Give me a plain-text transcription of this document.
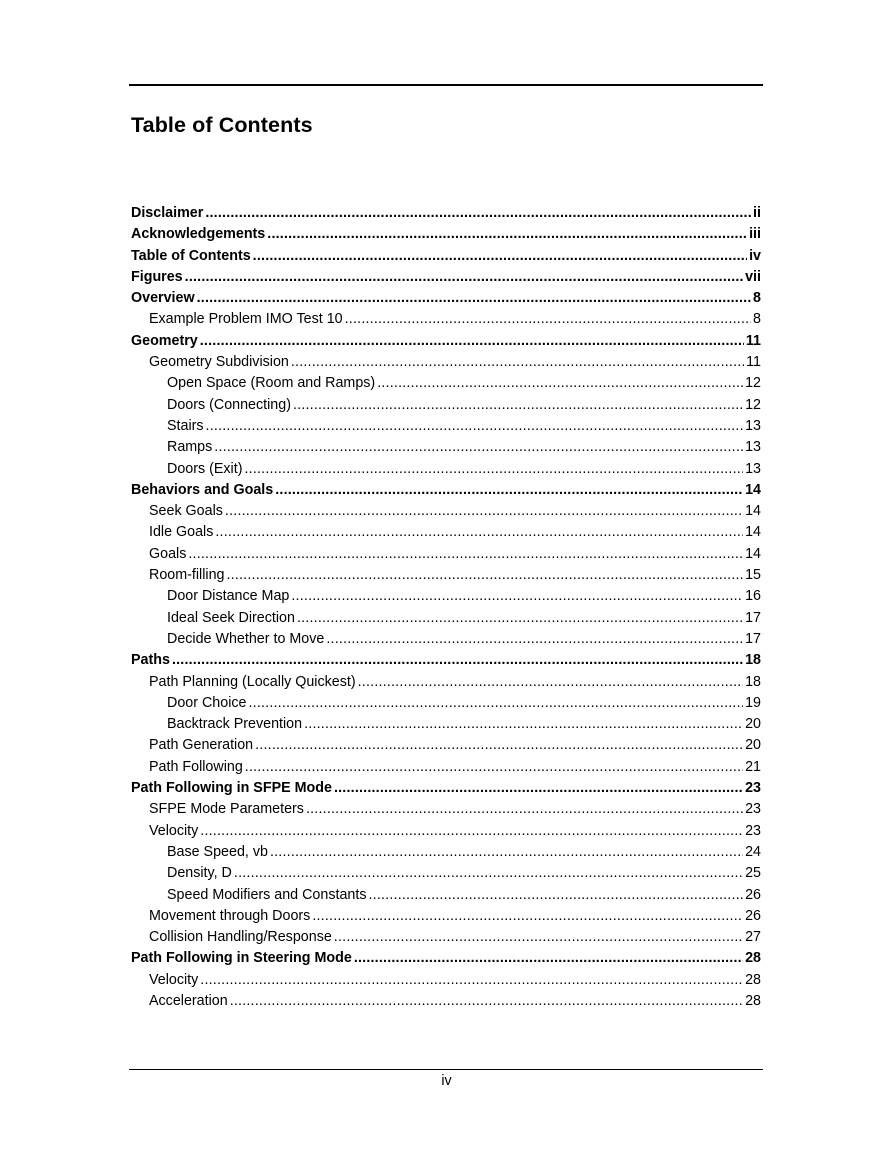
Table of Contents
Disclaimer .....	ii
Acknowledgements .....	iii
Table of Contents .....	iv
Figures .....	vii
Overview .....	8
Example Problem IMO Test 10 .....	8
Geometry .....	11
Geometry Subdivision .....	11
Open Space (Room and Ramps) .....	12
Doors (Connecting) .....	12
Stairs .....	13
Ramps .....	13
Doors (Exit) .....	13
Behaviors and Goals .....	14
Seek Goals .....	14
Idle Goals .....	14
Goals .....	14
Room-filling .....	15
Door Distance Map .....	16
Ideal Seek Direction .....	17
Decide Whether to Move .....	17
Paths .....	18
Path Planning (Locally Quickest) .....	18
Door Choice .....	19
Backtrack Prevention .....	20
Path Generation .....	20
Path Following .....	21
Path Following in SFPE Mode .....	23
SFPE Mode Parameters .....	23
Velocity .....	23
Base Speed, vb .....	24
Density, D .....	25
Speed Modifiers and Constants .....	26
Movement through Doors .....	26
Collision Handling/Response .....	27
Path Following in Steering Mode .....	28
Velocity .....	28
Acceleration .....	28
iv
